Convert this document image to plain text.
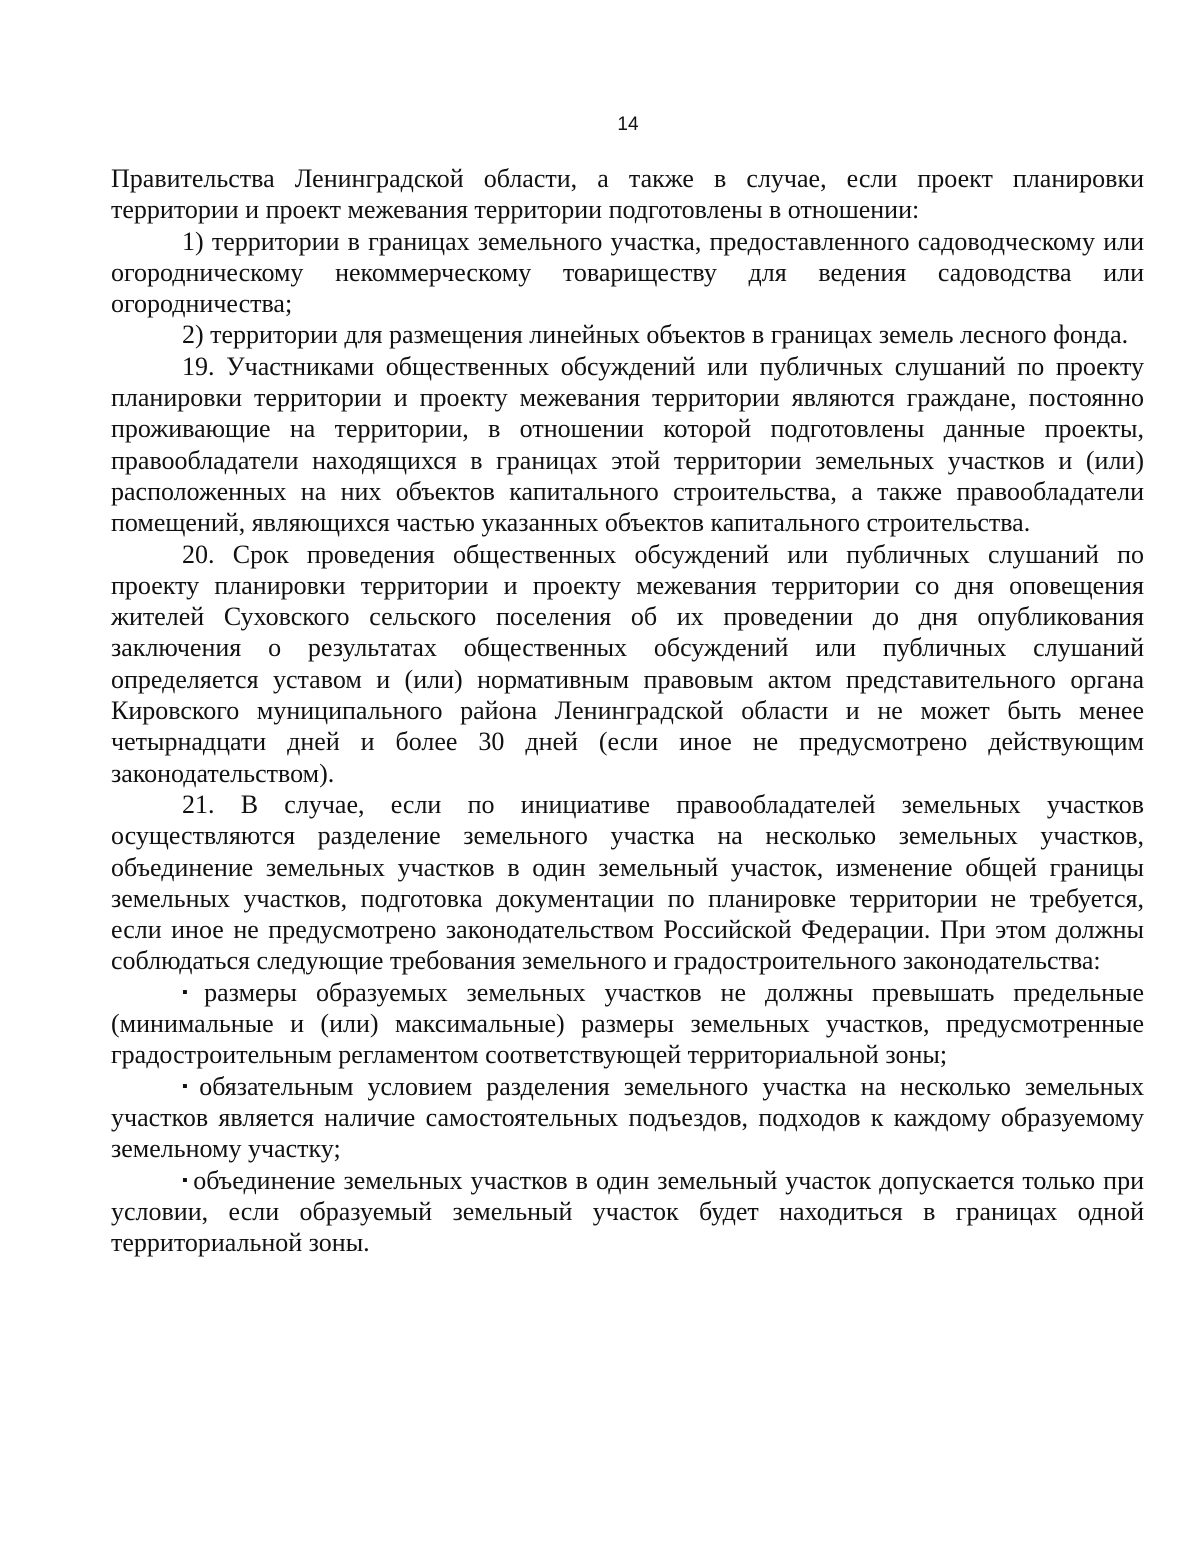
14

Правительства Ленинградской области, а также в случае, если проект планировки территории и проект межевания территории подготовлены в отношении:

1) территории в границах земельного участка, предоставленного садоводческому или огородническому некоммерческому товариществу для ведения садоводства или огородничества;

2) территории для размещения линейных объектов в границах земель лесного фонда.

19. Участниками общественных обсуждений или публичных слушаний по проекту планировки территории и проекту межевания территории являются граждане, постоянно проживающие на территории, в отношении которой подготовлены данные проекты, правообладатели находящихся в границах этой территории земельных участков и (или) расположенных на них объектов капитального строительства, а также правообладатели помещений, являющихся частью указанных объектов капитального строительства.

20. Срок проведения общественных обсуждений или публичных слушаний по проекту планировки территории и проекту межевания территории со дня оповещения жителей Суховского сельского поселения об их проведении до дня опубликования заключения о результатах общественных обсуждений или публичных слушаний определяется уставом и (или) нормативным правовым актом представительного органа Кировского муниципального района Ленинградской области и не может быть менее четырнадцати дней и более 30 дней (если иное не предусмотрено действующим законодательством).

21. В случае, если по инициативе правообладателей земельных участков осуществляются разделение земельного участка на несколько земельных участков, объединение земельных участков в один земельный участок, изменение общей границы земельных участков, подготовка документации по планировке территории не требуется, если иное не предусмотрено законодательством Российской Федерации. При этом должны соблюдаться следующие требования земельного и градостроительного законодательства:

▪ размеры образуемых земельных участков не должны превышать предельные (минимальные и (или) максимальные) размеры земельных участков, предусмотренные градостроительным регламентом соответствующей территориальной зоны;

▪ обязательным условием разделения земельного участка на несколько земельных участков является наличие самостоятельных подъездов, подходов к каждому образуемому земельному участку;

▪ объединение земельных участков в один земельный участок допускается только при условии, если образуемый земельный участок будет находиться в границах одной территориальной зоны.
